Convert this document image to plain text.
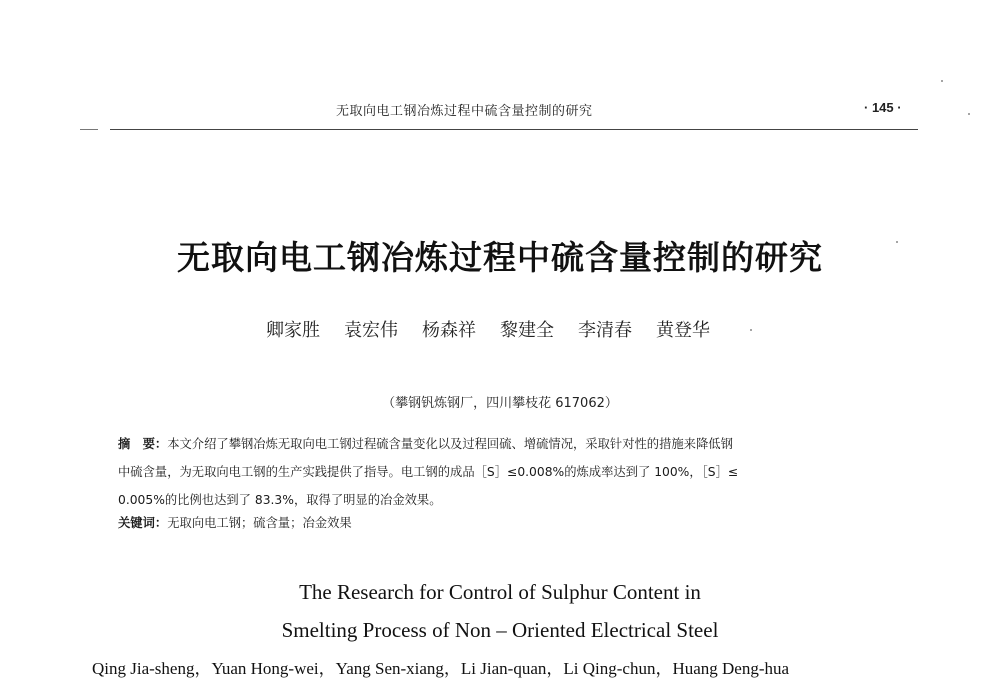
无取向电工钢冶炼过程中硫含量控制的研究	· 145 ·
无取向电工钢冶炼过程中硫含量控制的研究
卿家胜 袁宏伟 杨森祥 黎建全 李清春 黄登华
（攀钢钒炼钢厂，四川攀枝花 617062）
摘　要：本文介绍了攀钢冶炼无取向电工钢过程硫含量变化以及过程回硫、增硫情况，采取针对性的措施来降低钢
中硫含量，为无取向电工钢的生产实践提供了指导。电工钢的成品［S］≤0.008%的炼成率达到了 100%，［S］≤
0.005%的比例也达到了 83.3%，取得了明显的冶金效果。
关键词：无取向电工钢；硫含量；冶金效果
The Research for Control of Sulphur Content in
Smelting Process of Non – Oriented Electrical Steel
Qing Jia-sheng，Yuan Hong-wei，Yang Sen-xiang，Li Jian-quan，Li Qing-chun，Huang Deng-hua
